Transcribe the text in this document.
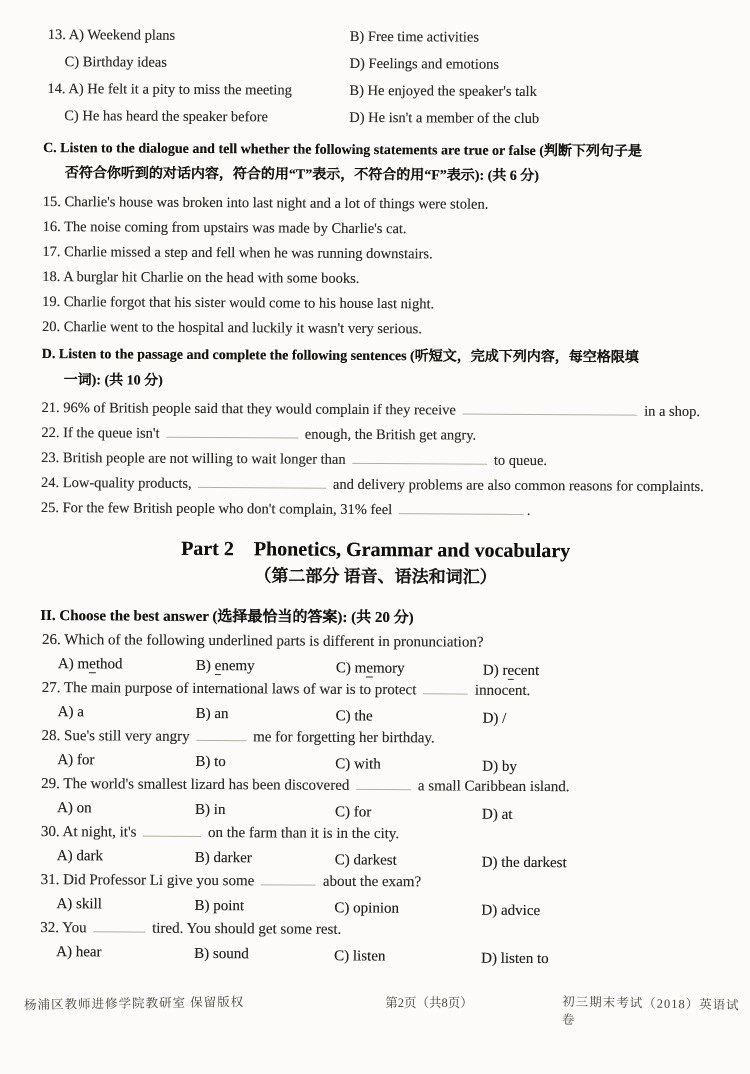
13. A) Weekend plans	B) Free time activities
C) Birthday ideas	D) Feelings and emotions
14. A) He felt it a pity to miss the meeting	B) He enjoyed the speaker's talk
C) He has heard the speaker before	D) He isn't a member of the club
C. Listen to the dialogue and tell whether the following statements are true or false (判断下列句子是
否符合你听到的对话内容，符合的用“T”表示，不符合的用“F”表示): (共 6 分)
15. Charlie's house was broken into last night and a lot of things were stolen.
16. The noise coming from upstairs was made by Charlie's cat.
17. Charlie missed a step and fell when he was running downstairs.
18. A burglar hit Charlie on the head with some books.
19. Charlie forgot that his sister would come to his house last night.
20. Charlie went to the hospital and luckily it wasn't very serious.
D. Listen to the passage and complete the following sentences (听短文，完成下列内容，每空格限填
一词): (共 10 分)
21. 96% of British people said that they would complain if they receive	in a shop.
22. If the queue isn't	enough, the British get angry.
23. British people are not willing to wait longer than	to queue.
24. Low-quality products,	and delivery problems are also common reasons for complaints.
25. For the few British people who don't complain, 31% feel	.
Part 2    Phonetics, Grammar and vocabulary
（第二部分 语音、语法和词汇）
II. Choose the best answer (选择最恰当的答案): (共 20 分)
26. Which of the following underlined parts is different in pronunciation?
A) method	B) enemy	C) memory	D) recent
27. The main purpose of international laws of war is to protect	innocent.
A) a	B) an	C) the	D) /
28. Sue's still very angry	me for forgetting her birthday.
A) for	B) to	C) with	D) by
29. The world's smallest lizard has been discovered	a small Caribbean island.
A) on	B) in	C) for	D) at
30. At night, it's	on the farm than it is in the city.
A) dark	B) darker	C) darkest	D) the darkest
31. Did Professor Li give you some	about the exam?
A) skill	B) point	C) opinion	D) advice
32. You	tired. You should get some rest.
A) hear	B) sound	C) listen	D) listen to
杨浦区教师进修学院教研室 保留版权	第2页（共8页）	初三期末考试（2018）英语试卷
